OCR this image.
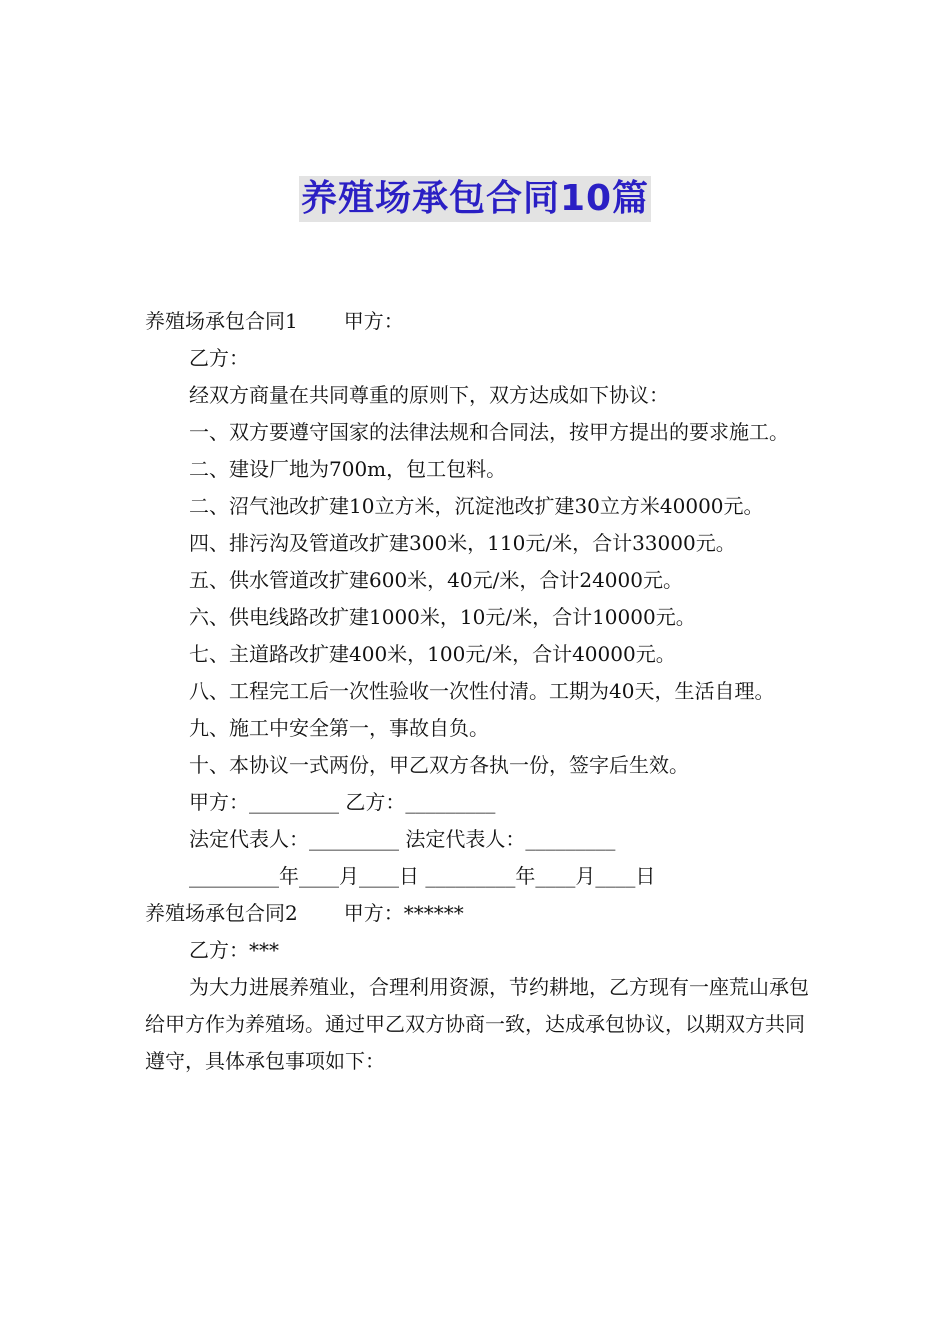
养殖场承包合同10篇

养殖场承包合同1 甲方：

乙方：

经双方商量在共同尊重的原则下，双方达成如下协议：

一、双方要遵守国家的法律法规和合同法，按甲方提出的要求施工。

二、建设厂地为700m，包工包料。

二、沼气池改扩建10立方米，沉淀池改扩建30立方米40000元。

四、排污沟及管道改扩建300米，110元/米，合计33000元。

五、供水管道改扩建600米，40元/米，合计24000元。

六、供电线路改扩建1000米，10元/米，合计10000元。

七、主道路改扩建400米，100元/米，合计40000元。

八、工程完工后一次性验收一次性付清。工期为40天，生活自理。

九、施工中安全第一，事故自负。

十、本协议一式两份，甲乙双方各执一份，签字后生效。

甲方：_________ 乙方：_________

法定代表人：_________ 法定代表人：_________

_________年____月____日 _________年____月____日

养殖场承包合同2 甲方：******

乙方：***

为大力进展养殖业，合理利用资源，节约耕地，乙方现有一座荒山承包给甲方作为养殖场。通过甲乙双方协商一致，达成承包协议，以期双方共同遵守，具体承包事项如下：
